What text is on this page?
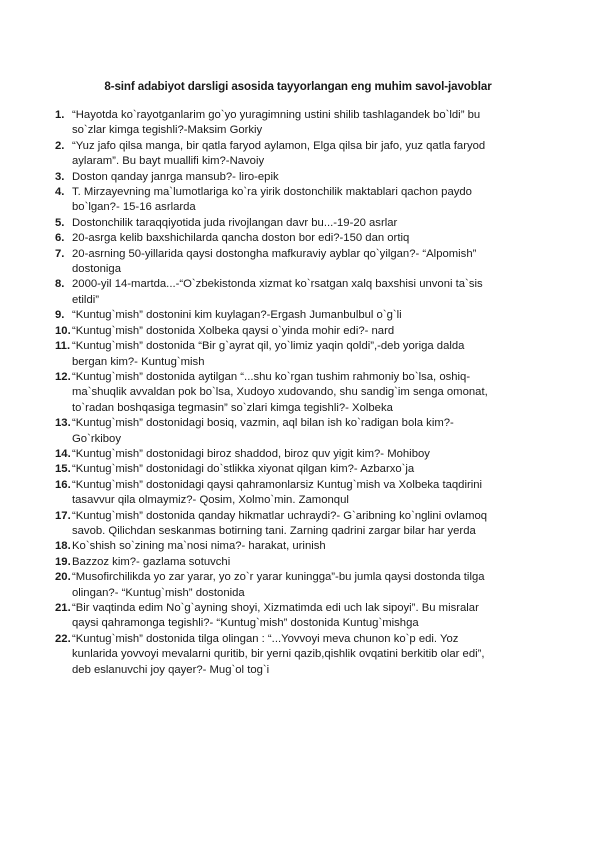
8-sinf adabiyot darsligi asosida tayyorlangan eng muhim savol-javoblar
1. “Hayotda ko`rayotganlarim go`yo yuragimning ustini shilib tashlagandek bo`ldi” bu
so`zlar kimga tegishli?-Maksim Gorkiy
2. “Yuz jafo qilsa manga, bir qatla faryod aylamon, Elga qilsa bir jafo, yuz qatla faryod
aylaram”. Bu bayt muallifi kim?-Navoiy
3. Doston qanday janrga mansub?- liro-epik
4. T. Mirzayevning ma`lumotlariga ko`ra yirik dostonchilik maktablari qachon paydo
bo`lgan?- 15-16 asrlarda
5. Dostonchilik taraqqiyotida juda rivojlangan davr bu...-19-20 asrlar
6. 20-asrga kelib baxshichilarda qancha doston bor edi?-150 dan ortiq
7. 20-asrning 50-yillarida qaysi dostongha mafkuraviy ayblar qo`yilgan?- “Alpomish”
dostoniga
8. 2000-yil 14-martda...-“O`zbekistonda xizmat ko`rsatgan xalq baxshisi unvoni ta`sis
etildi”
9. “Kuntug`mish” dostonini kim kuylagan?-Ergash Jumanbulbul o`g`li
10. “Kuntug`mish” dostonida Xolbeka qaysi o`yinda mohir edi?- nard
11. “Kuntug`mish” dostonida “Bir g`ayrat qil, yo`limiz yaqin qoldi”,-deb yoriga dalda
bergan kim?- Kuntug`mish
12. “Kuntug`mish” dostonida aytilgan “...shu ko`rgan tushim rahmoniy bo`lsa, oshiq-
ma`shuqlik avvaldan pok bo`lsa, Xudoyo xudovando, shu sandig`im senga omonat,
to`radan boshqasiga tegmasin” so`zlari kimga tegishli?- Xolbeka
13. “Kuntug`mish” dostonidagi bosiq, vazmin, aql bilan ish ko`radigan bola kim?-
Go`rkiboy
14. “Kuntug`mish” dostonidagi biroz shaddod, biroz quv yigit kim?- Mohiboy
15. “Kuntug`mish” dostonidagi do`stlikka xiyonat qilgan kim?- Azbarxo`ja
16. “Kuntug`mish” dostonidagi qaysi qahramonlarsiz Kuntug`mish va Xolbeka taqdirini
tasavvur qila olmaymiz?- Qosim, Xolmo`min. Zamonqul
17. “Kuntug`mish” dostonida qanday hikmatlar uchraydi?- G`aribning ko`nglini ovlamoq
savob. Qilichdan seskanmas botirning tani. Zarning qadrini zargar bilar har yerda
18. Ko`shish so`zining ma`nosi nima?- harakat, urinish
19. Bazzoz kim?- gazlama sotuvchi
20. “Musofirchilikda yo zar yarar, yo zo`r yarar kuningga”-bu jumla qaysi dostonda tilga
olingan?- “Kuntug`mish” dostonida
21. “Bir vaqtinda edim No`g`ayning shoyi, Xizmatimda edi uch lak sipoyi”. Bu misralar
qaysi qahramonga tegishli?- “Kuntug`mish” dostonida Kuntug`mishga
22. “Kuntug`mish” dostonida tilga olingan : “...Yovvoyi meva chunon ko`p edi. Yoz
kunlarida yovvoyi mevalarni quritib, bir yerni qazib,qishlik ovqatini berkitib olar edi”,
deb eslanuvchi joy qayer?- Mug`ol tog`i
